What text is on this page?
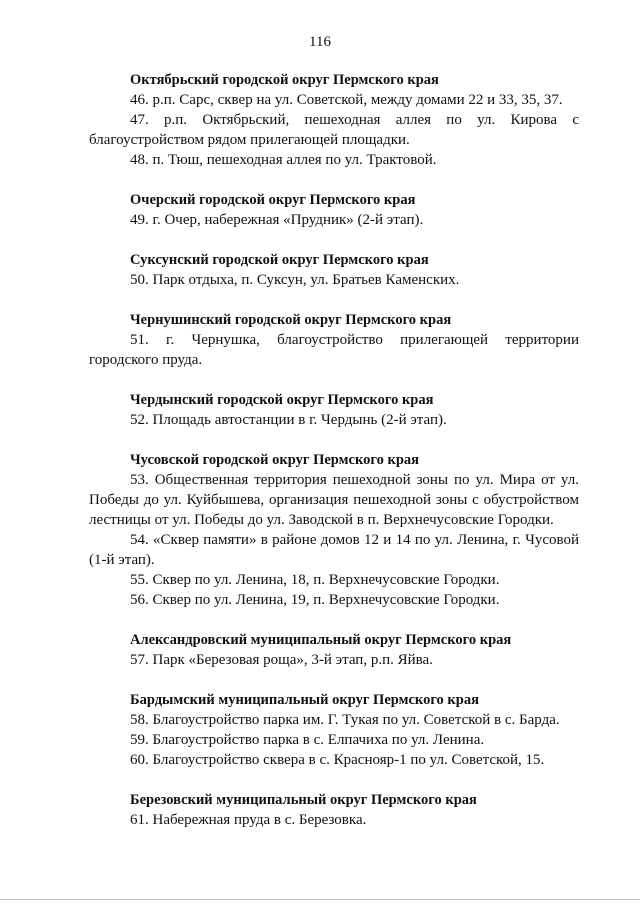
116

Октябрьский городской округ Пермского края

46. р.п. Сарс, сквер на ул. Советской, между домами 22 и 33, 35, 37.

47. р.п. Октябрьский, пешеходная аллея по ул. Кирова с благоустройством рядом прилегающей площадки.

48. п. Тюш, пешеходная аллея по ул. Трактовой.

Очерский городской округ Пермского края

49. г. Очер, набережная «Прудник» (2-й этап).

Суксунский городской округ Пермского края

50. Парк отдыха, п. Суксун, ул. Братьев Каменских.

Чернушинский городской округ Пермского края

51. г. Чернушка, благоустройство прилегающей территории городского пруда.

Чердынский городской округ Пермского края

52. Площадь автостанции в г. Чердынь (2-й этап).

Чусовской городской округ Пермского края

53. Общественная территория пешеходной зоны по ул. Мира от ул. Победы до ул. Куйбышева, организация пешеходной зоны с обустройством лестницы от ул. Победы до ул. Заводской в п. Верхнечусовские Городки.

54. «Сквер памяти» в районе домов 12 и 14 по ул. Ленина, г. Чусовой (1-й этап).

55. Сквер по ул. Ленина, 18, п. Верхнечусовские Городки.

56. Сквер по ул. Ленина, 19, п. Верхнечусовские Городки.

Александровский муниципальный округ Пермского края

57. Парк «Березовая роща», 3-й этап, р.п. Яйва.

Бардымский муниципальный округ Пермского края

58. Благоустройство парка им. Г. Тукая по ул. Советской в с. Барда.

59. Благоустройство парка в с. Елпачиха по ул. Ленина.

60. Благоустройство сквера в с. Краснояр-1 по ул. Советской, 15.

Березовский муниципальный округ Пермского края

61. Набережная пруда в с. Березовка.
